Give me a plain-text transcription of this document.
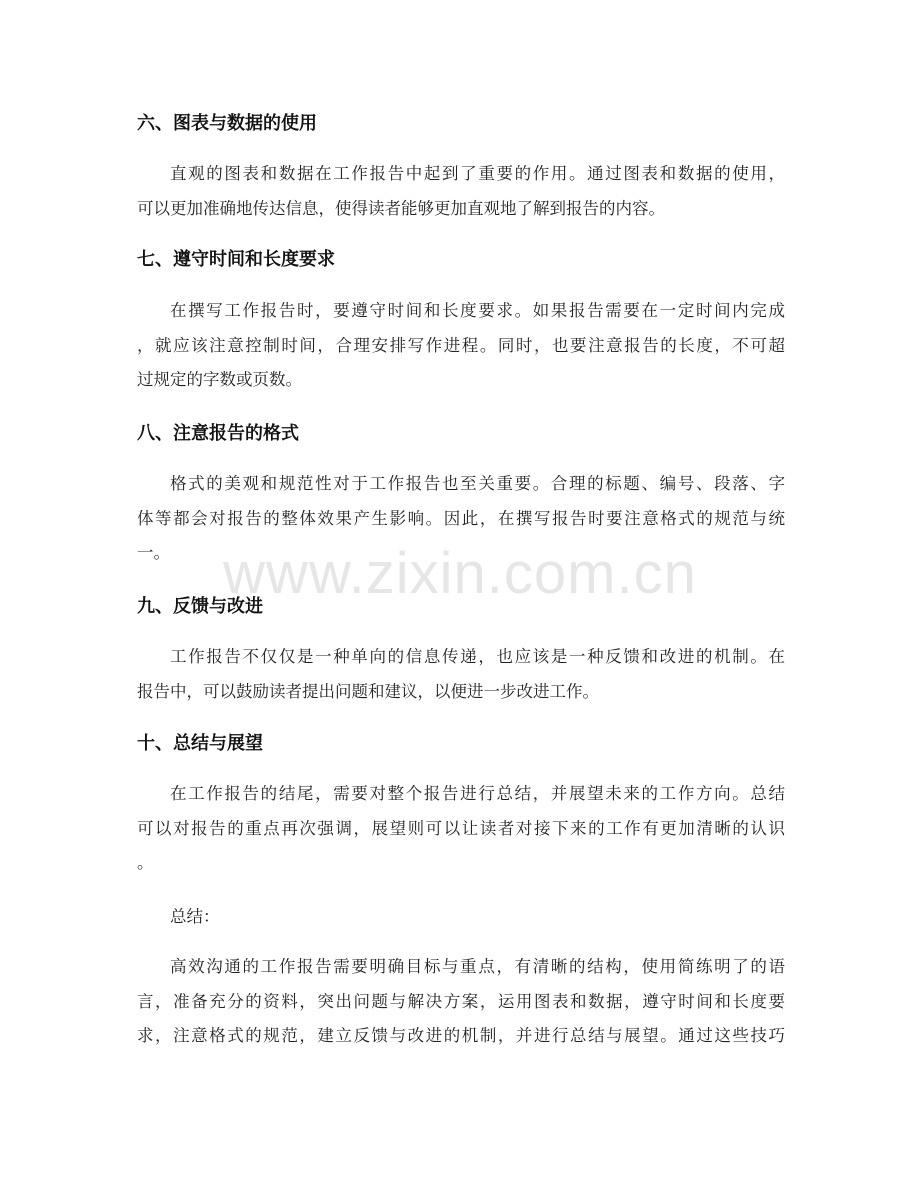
六、图表与数据的使用
直观的图表和数据在工作报告中起到了重要的作用。通过图表和数据的使用，
可以更加准确地传达信息，使得读者能够更加直观地了解到报告的内容。
七、遵守时间和长度要求
在撰写工作报告时，要遵守时间和长度要求。如果报告需要在一定时间内完成
，就应该注意控制时间，合理安排写作进程。同时，也要注意报告的长度，不可超
过规定的字数或页数。
八、注意报告的格式
格式的美观和规范性对于工作报告也至关重要。合理的标题、编号、段落、字
体等都会对报告的整体效果产生影响。因此，在撰写报告时要注意格式的规范与统
一。 www.zixin.com.cn
九、反馈与改进
工作报告不仅仅是一种单向的信息传递，也应该是一种反馈和改进的机制。在
报告中，可以鼓励读者提出问题和建议，以便进一步改进工作。
十、总结与展望
在工作报告的结尾，需要对整个报告进行总结，并展望未来的工作方向。总结
可以对报告的重点再次强调，展望则可以让读者对接下来的工作有更加清晰的认识
。
总结：
高效沟通的工作报告需要明确目标与重点，有清晰的结构，使用简练明了的语
言，准备充分的资料，突出问题与解决方案，运用图表和数据，遵守时间和长度要
求，注意格式的规范，建立反馈与改进的机制，并进行总结与展望。通过这些技巧
